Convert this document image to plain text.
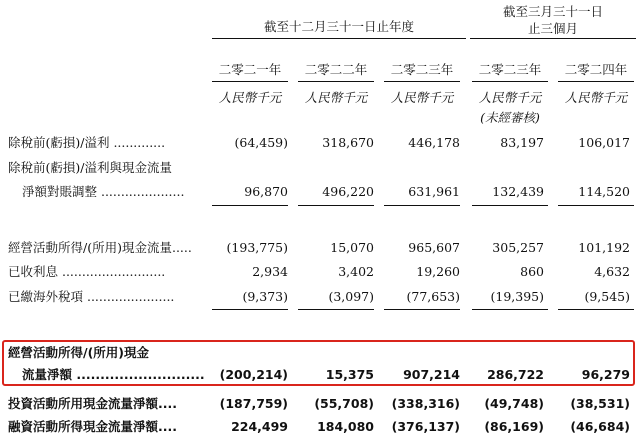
截至十二月三十一日止年度
截至三月三十一日
止三個月
二零二一年	二零二二年	二零二三年	二零二三年	二零二四年
人民幣千元	人民幣千元	人民幣千元	人民幣千元	人民幣千元
(未經審核)
除稅前(虧損)/溢利 .............	(64,459)	318,670	446,178	83,197	106,017
除稅前(虧損)/溢利與現金流量
淨額對賬調整 .....................	96,870	496,220	631,961	132,439	114,520
經營活動所得/(所用)現金流量.....	(193,775)	15,070	965,607	305,257	101,192
已收利息 ..........................	2,934	3,402	19,260	860	4,632
已繳海外稅項 ......................	(9,373)	(3,097)	(77,653)	(19,395)	(9,545)
經營活動所得/(所用)現金
流量淨額 ...........................	(200,214)	15,375	907,214	286,722	96,279
投資活動所用現金流量淨額....	(187,759)	(55,708)	(338,316)	(49,748)	(38,531)
融資活動所得現金流量淨額....	224,499	184,080	(376,137)	(86,169)	(46,684)
